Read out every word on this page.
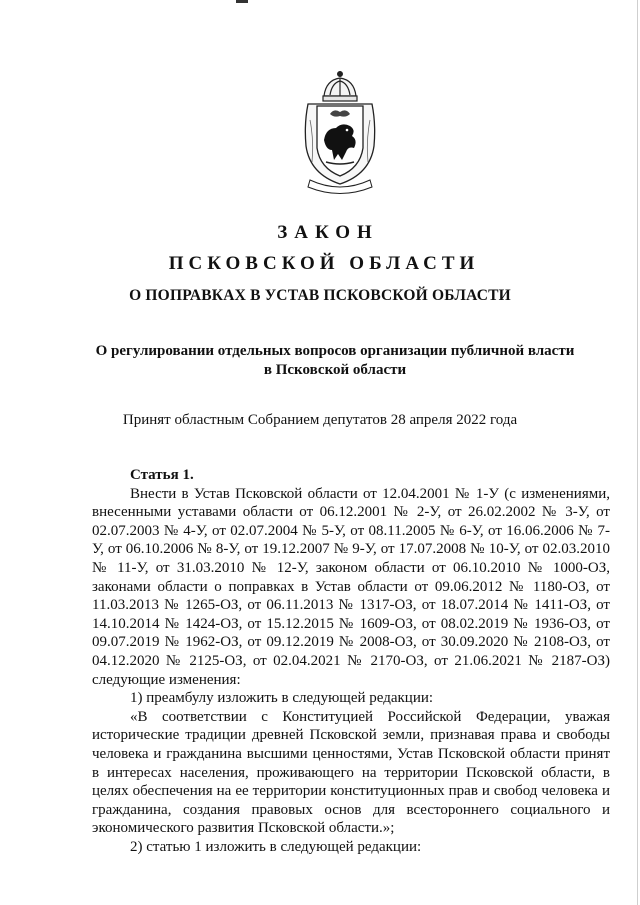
ЗАКОН
ПСКОВСКОЙ ОБЛАСТИ
О ПОПРАВКАХ В УСТАВ ПСКОВСКОЙ ОБЛАСТИ
О регулировании отдельных вопросов организации публичной власти
в Псковской области
Принят областным Собранием депутатов 28 апреля 2022 года
Статья 1.

Внести в Устав Псковской области от 12.04.2001 № 1-У (с изменениями, внесенными уставами области от 06.12.2001 № 2-У, от 26.02.2002 № 3-У, от 02.07.2003 № 4-У, от 02.07.2004 № 5-У, от 08.11.2005 № 6-У, от 16.06.2006 № 7-У, от 06.10.2006 № 8-У, от 19.12.2007 № 9-У, от 17.07.2008 № 10-У, от 02.03.2010 № 11-У, от 31.03.2010 № 12-У, законом области от 06.10.2010 № 1000-ОЗ, законами области о поправках в Устав области от 09.06.2012 № 1180-ОЗ, от 11.03.2013 № 1265-ОЗ, от 06.11.2013 № 1317-ОЗ, от 18.07.2014 № 1411-ОЗ, от 14.10.2014 № 1424-ОЗ, от 15.12.2015 № 1609-ОЗ, от 08.02.2019 № 1936-ОЗ, от 09.07.2019 № 1962-ОЗ, от 09.12.2019 № 2008-ОЗ, от 30.09.2020 № 2108-ОЗ, от 04.12.2020 № 2125-ОЗ, от 02.04.2021 № 2170-ОЗ, от 21.06.2021 № 2187-ОЗ) следующие изменения:

1) преамбулу изложить в следующей редакции:

«В соответствии с Конституцией Российской Федерации, уважая исторические традиции древней Псковской земли, признавая права и свободы человека и гражданина высшими ценностями, Устав Псковской области принят в интересах населения, проживающего на территории Псковской области, в целях обеспечения на ее территории конституционных прав и свобод человека и гражданина, создания правовых основ для всестороннего социального и экономического развития Псковской области.»;

2) статью 1 изложить в следующей редакции:
